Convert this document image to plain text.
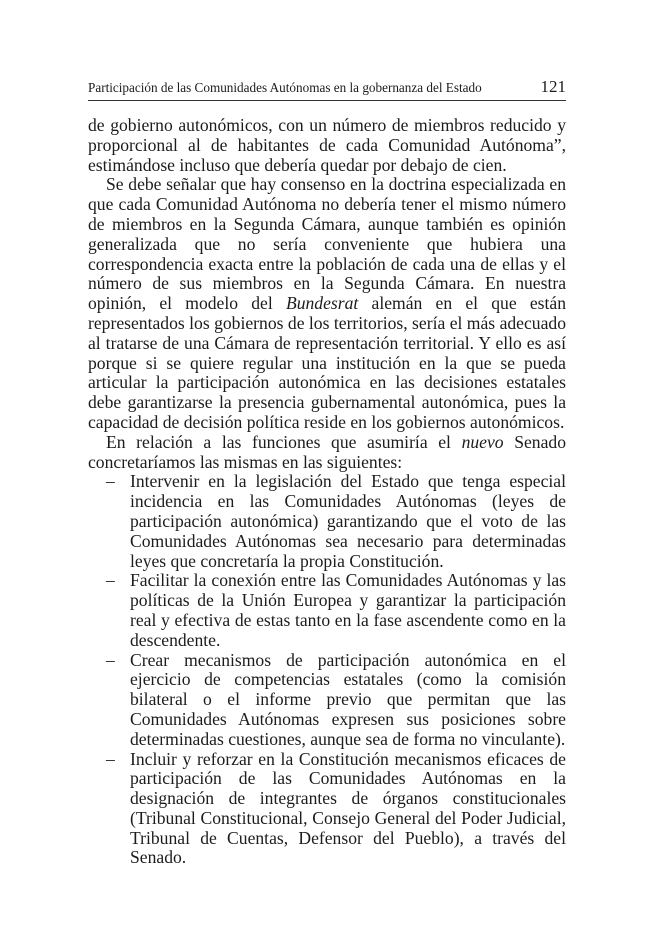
Participación de las Comunidades Autónomas en la gobernanza del Estado	121

de gobierno autonómicos, con un número de miembros reducido y proporcional al de habitantes de cada Comunidad Autónoma”, estimándose incluso que debería quedar por debajo de cien.

Se debe señalar que hay consenso en la doctrina especializada en que cada Comunidad Autónoma no debería tener el mismo número de miembros en la Segunda Cámara, aunque también es opinión generalizada que no sería conveniente que hubiera una correspondencia exacta entre la población de cada una de ellas y el número de sus miembros en la Segunda Cámara. En nuestra opinión, el modelo del Bundesrat alemán en el que están representados los gobiernos de los territorios, sería el más adecuado al tratarse de una Cámara de representación territorial. Y ello es así porque si se quiere regular una institución en la que se pueda articular la participación autonómica en las decisiones estatales debe garantizarse la presencia gubernamental autonómica, pues la capacidad de decisión política reside en los gobiernos autonómicos.

En relación a las funciones que asumiría el nuevo Senado concretaríamos las mismas en las siguientes:

– Intervenir en la legislación del Estado que tenga especial incidencia en las Comunidades Autónomas (leyes de participación autonómica) garantizando que el voto de las Comunidades Autónomas sea necesario para determinadas leyes que concretaría la propia Constitución.
– Facilitar la conexión entre las Comunidades Autónomas y las políticas de la Unión Europea y garantizar la participación real y efectiva de estas tanto en la fase ascendente como en la descendente.
– Crear mecanismos de participación autonómica en el ejercicio de competencias estatales (como la comisión bilateral o el informe previo que permitan que las Comunidades Autónomas expresen sus posiciones sobre determinadas cuestiones, aunque sea de forma no vinculante).
– Incluir y reforzar en la Constitución mecanismos eficaces de participación de las Comunidades Autónomas en la designación de integrantes de órganos constitucionales (Tribunal Constitucional, Consejo General del Poder Judicial, Tribunal de Cuentas, Defensor del Pueblo), a través del Senado.
